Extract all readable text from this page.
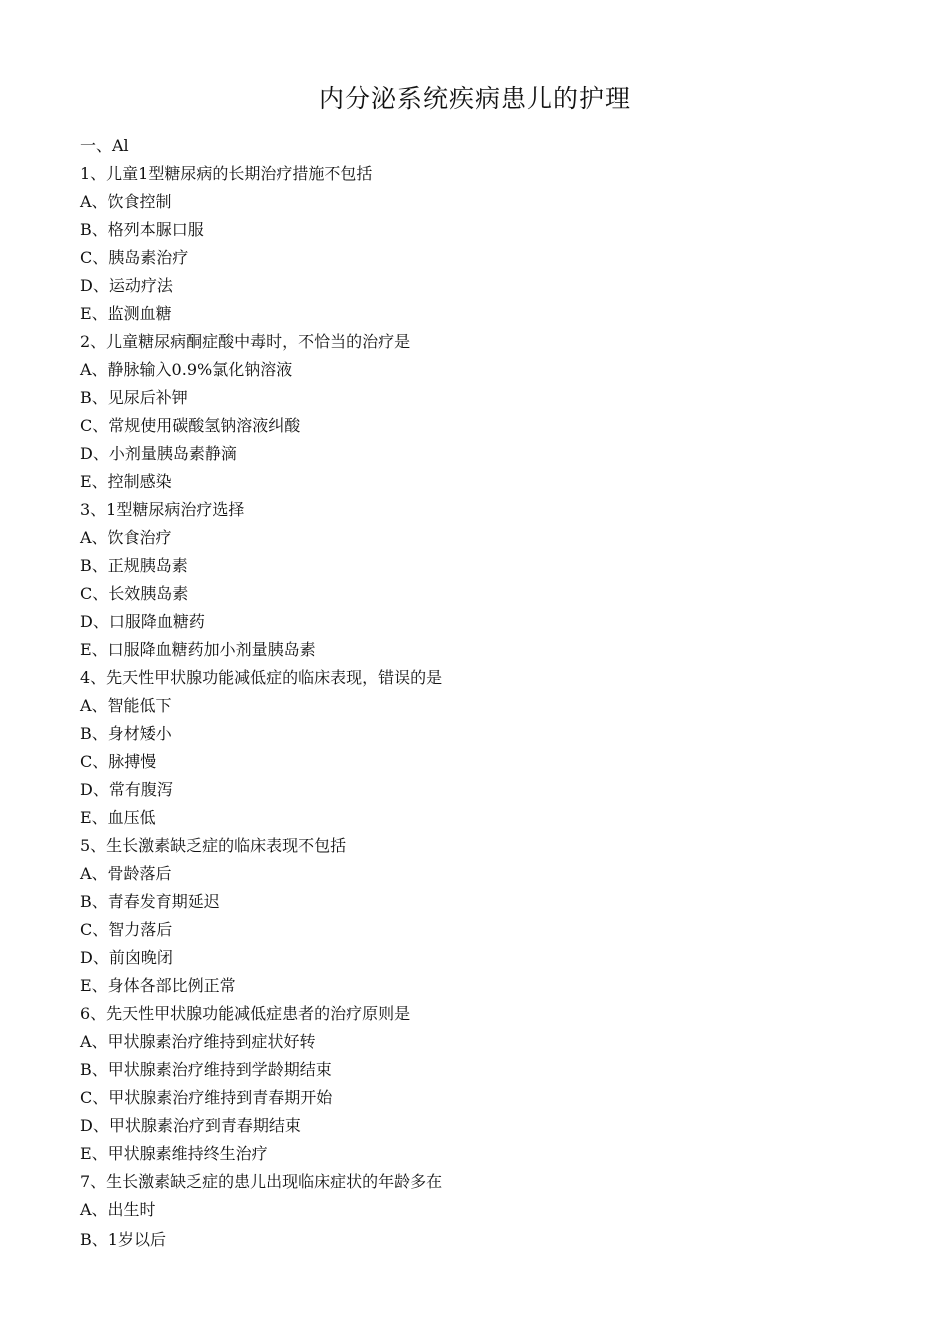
内分泌系统疾病患儿的护理
一、Al
1、儿童1型糖尿病的长期治疗措施不包括
A、饮食控制
B、格列本脲口服
C、胰岛素治疗
D、运动疗法
E、监测血糖
2、儿童糖尿病酮症酸中毒时，不恰当的治疗是
A、静脉输入0.9%氯化钠溶液
B、见尿后补钾
C、常规使用碳酸氢钠溶液纠酸
D、小剂量胰岛素静滴
E、控制感染
3、1型糖尿病治疗选择
A、饮食治疗
B、正规胰岛素
C、长效胰岛素
D、口服降血糖药
E、口服降血糖药加小剂量胰岛素
4、先天性甲状腺功能减低症的临床表现，错误的是
A、智能低下
B、身材矮小
C、脉搏慢
D、常有腹泻
E、血压低
5、生长激素缺乏症的临床表现不包括
A、骨龄落后
B、青春发育期延迟
C、智力落后
D、前囟晚闭
E、身体各部比例正常
6、先天性甲状腺功能减低症患者的治疗原则是
A、甲状腺素治疗维持到症状好转
B、甲状腺素治疗维持到学龄期结束
C、甲状腺素治疗维持到青春期开始
D、甲状腺素治疗到青春期结束
E、甲状腺素维持终生治疗
7、生长激素缺乏症的患儿出现临床症状的年龄多在
A、出生时
B、1岁以后
